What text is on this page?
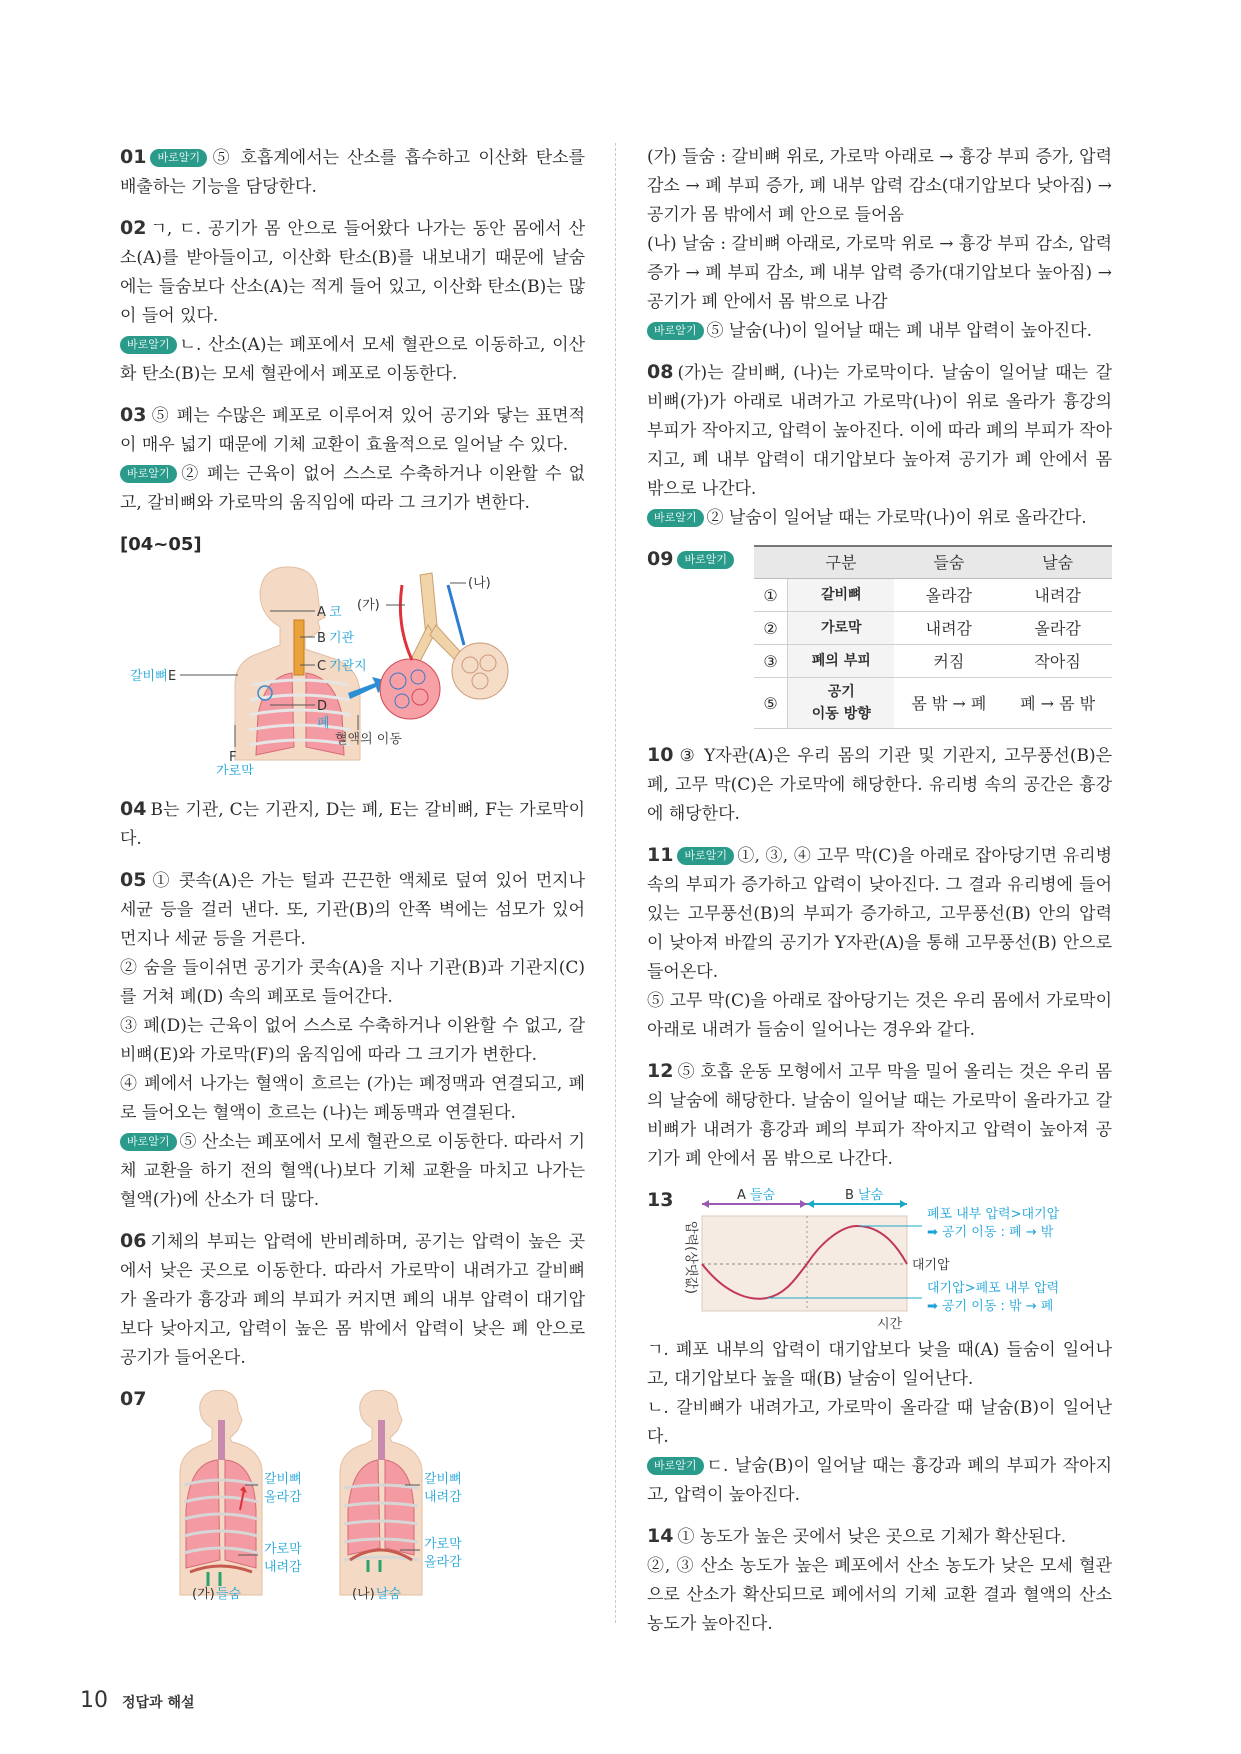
01 바로알기 ⑤ 호흡계에서는 산소를 흡수하고 이산화 탄소를 배출하는 기능을 담당한다.

02 ㄱ, ㄷ. 공기가 몸 안으로 들어왔다 나가는 동안 몸에서 산소(A)를 받아들이고, 이산화 탄소(B)를 내보내기 때문에 날숨에는 들숨보다 산소(A)는 적게 들어 있고, 이산화 탄소(B)는 많이 들어 있다.

바로알기 ㄴ. 산소(A)는 폐포에서 모세 혈관으로 이동하고, 이산화 탄소(B)는 모세 혈관에서 폐포로 이동한다.

03 ⑤ 폐는 수많은 폐포로 이루어져 있어 공기와 닿는 표면적이 매우 넓기 때문에 기체 교환이 효율적으로 일어날 수 있다.

바로알기 ② 폐는 근육이 없어 스스로 수축하거나 이완할 수 없고, 갈비뼈와 가로막의 움직임에 따라 그 크기가 변한다.

[04~05]
A 코
B 기관
C 기관지
D
폐
갈비뼈 E
F
가로막
(가)
(나)
혈액의 이동

04 B는 기관, C는 기관지, D는 폐, E는 갈비뼈, F는 가로막이다.

05 ① 콧속(A)은 가는 털과 끈끈한 액체로 덮여 있어 먼지나 세균 등을 걸러 낸다. 또, 기관(B)의 안쪽 벽에는 섬모가 있어 먼지나 세균 등을 거른다.

② 숨을 들이쉬면 공기가 콧속(A)을 지나 기관(B)과 기관지(C)를 거쳐 폐(D) 속의 폐포로 들어간다.

③ 폐(D)는 근육이 없어 스스로 수축하거나 이완할 수 없고, 갈비뼈(E)와 가로막(F)의 움직임에 따라 그 크기가 변한다.

④ 폐에서 나가는 혈액이 흐르는 (가)는 폐정맥과 연결되고, 폐로 들어오는 혈액이 흐르는 (나)는 폐동맥과 연결된다.

바로알기 ⑤ 산소는 폐포에서 모세 혈관으로 이동한다. 따라서 기체 교환을 하기 전의 혈액(나)보다 기체 교환을 마치고 나가는 혈액(가)에 산소가 더 많다.

06 기체의 부피는 압력에 반비례하며, 공기는 압력이 높은 곳에서 낮은 곳으로 이동한다. 따라서 가로막이 내려가고 갈비뼈가 올라가 흉강과 폐의 부피가 커지면 폐의 내부 압력이 대기압보다 낮아지고, 압력이 높은 몸 밖에서 압력이 낮은 폐 안으로 공기가 들어온다.

07
갈비뼈
올라감
가로막
내려감
(가) 들숨
갈비뼈
내려감
가로막
올라감
(나) 날숨

(가) 들숨 : 갈비뼈 위로, 가로막 아래로 → 흉강 부피 증가, 압력 감소 → 폐 부피 증가, 폐 내부 압력 감소(대기압보다 낮아짐) → 공기가 몸 밖에서 폐 안으로 들어옴

(나) 날숨 : 갈비뼈 아래로, 가로막 위로 → 흉강 부피 감소, 압력 증가 → 폐 부피 감소, 폐 내부 압력 증가(대기압보다 높아짐) → 공기가 폐 안에서 몸 밖으로 나감

바로알기 ⑤ 날숨(나)이 일어날 때는 폐 내부 압력이 높아진다.

08 (가)는 갈비뼈, (나)는 가로막이다. 날숨이 일어날 때는 갈비뼈(가)가 아래로 내려가고 가로막(나)이 위로 올라가 흉강의 부피가 작아지고, 압력이 높아진다. 이에 따라 폐의 부피가 작아지고, 폐 내부 압력이 대기압보다 높아져 공기가 폐 안에서 몸 밖으로 나간다.

바로알기 ② 날숨이 일어날 때는 가로막(나)이 위로 올라간다.

09 바로알기
		구분	들숨	날숨
①	갈비뼈	올라감	내려감
②	가로막	내려감	올라감
③	폐의 부피	커짐	작아짐
⑤	공기
이동 방향	몸 밖 → 폐	폐 → 몸 밖

10 ③ Y자관(A)은 우리 몸의 기관 및 기관지, 고무풍선(B)은 폐, 고무 막(C)은 가로막에 해당한다. 유리병 속의 공간은 흉강에 해당한다.

11 바로알기 ①, ③, ④ 고무 막(C)을 아래로 잡아당기면 유리병 속의 부피가 증가하고 압력이 낮아진다. 그 결과 유리병에 들어 있는 고무풍선(B)의 부피가 증가하고, 고무풍선(B) 안의 압력이 낮아져 바깥의 공기가 Y자관(A)을 통해 고무풍선(B) 안으로 들어온다.

⑤ 고무 막(C)을 아래로 잡아당기는 것은 우리 몸에서 가로막이 아래로 내려가 들숨이 일어나는 경우와 같다.

12 ⑤ 호흡 운동 모형에서 고무 막을 밀어 올리는 것은 우리 몸의 날숨에 해당한다. 날숨이 일어날 때는 가로막이 올라가고 갈비뼈가 내려가 흉강과 폐의 부피가 작아지고 압력이 높아져 공기가 폐 안에서 몸 밖으로 나간다.

13	A 들숨	B 날숨
압력(상댓값)
시간
대기압
폐포 내부 압력>대기압
➡ 공기 이동 : 폐 → 밖
대기압>폐포 내부 압력
➡ 공기 이동 : 밖 → 폐

ㄱ. 폐포 내부의 압력이 대기압보다 낮을 때(A) 들숨이 일어나고, 대기압보다 높을 때(B) 날숨이 일어난다.

ㄴ. 갈비뼈가 내려가고, 가로막이 올라갈 때 날숨(B)이 일어난다.

바로알기 ㄷ. 날숨(B)이 일어날 때는 흉강과 폐의 부피가 작아지고, 압력이 높아진다.

14 ① 농도가 높은 곳에서 낮은 곳으로 기체가 확산된다.

②, ③ 산소 농도가 높은 폐포에서 산소 농도가 낮은 모세 혈관으로 산소가 확산되므로 폐에서의 기체 교환 결과 혈액의 산소 농도가 높아진다.

10 정답과 해설
